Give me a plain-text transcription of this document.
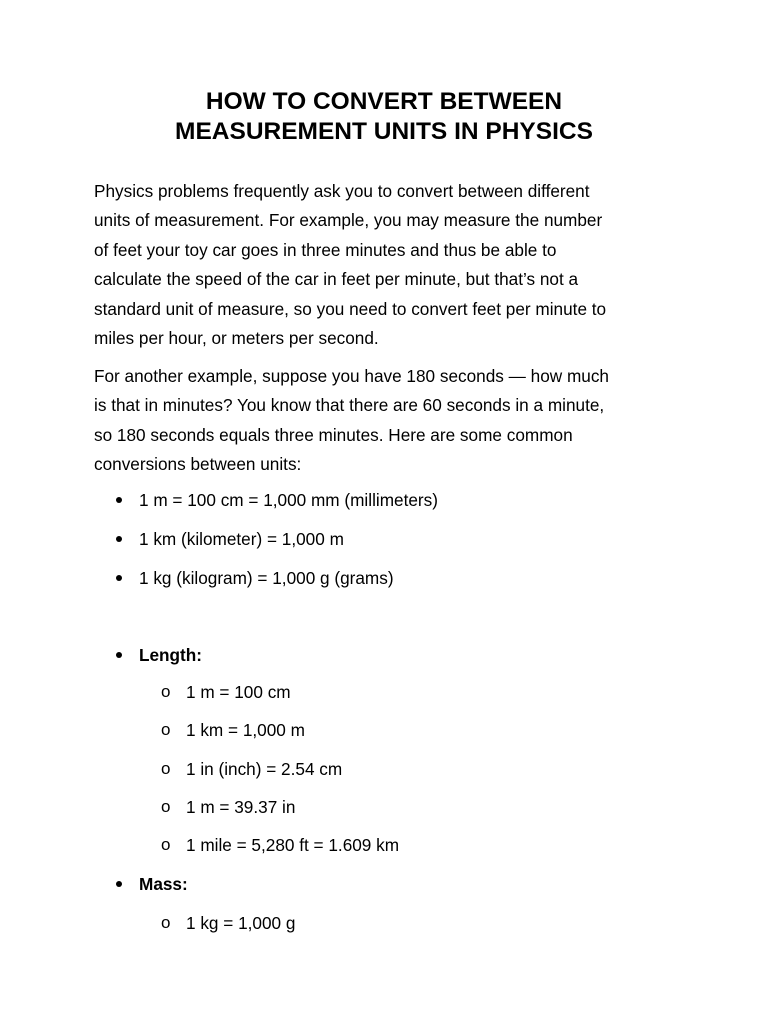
HOW TO CONVERT BETWEEN
MEASUREMENT UNITS IN PHYSICS

Physics problems frequently ask you to convert between different
units of measurement. For example, you may measure the number
of feet your toy car goes in three minutes and thus be able to
calculate the speed of the car in feet per minute, but that’s not a
standard unit of measure, so you need to convert feet per minute to
miles per hour, or meters per second.

For another example, suppose you have 180 seconds — how much
is that in minutes? You know that there are 60 seconds in a minute,
so 180 seconds equals three minutes. Here are some common
conversions between units:

1 m = 100 cm = 1,000 mm (millimeters)
1 km (kilometer) = 1,000 m
1 kg (kilogram) = 1,000 g (grams)
Length:
o 1 m = 100 cm
o 1 km = 1,000 m
o 1 in (inch) = 2.54 cm
o 1 m = 39.37 in
o 1 mile = 5,280 ft = 1.609 km
Mass:
o 1 kg = 1,000 g
